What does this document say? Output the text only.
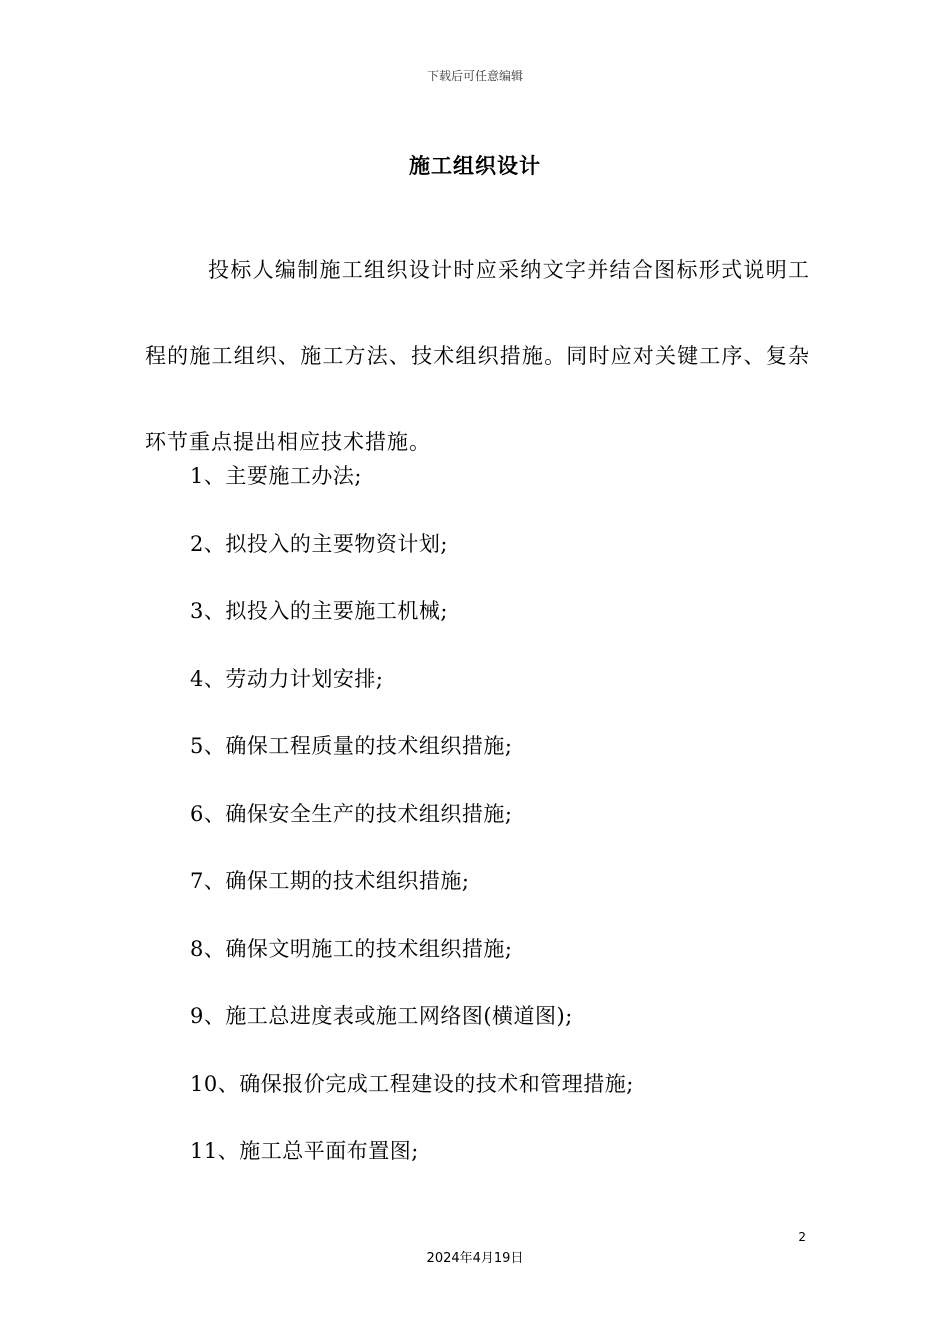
下载后可任意编辑
施工组织设计

投标人编制施工组织设计时应采纳文字并结合图标形式说明工程的施工组织、施工方法、技术组织措施。同时应对关键工序、复杂环节重点提出相应技术措施。

1、主要施工办法;
2、拟投入的主要物资计划;
3、拟投入的主要施工机械;
4、劳动力计划安排;
5、确保工程质量的技术组织措施;
6、确保安全生产的技术组织措施;
7、确保工期的技术组织措施;
8、确保文明施工的技术组织措施;
9、施工总进度表或施工网络图(横道图);
10、确保报价完成工程建设的技术和管理措施;
11、施工总平面布置图;
2
2024年4月19日
